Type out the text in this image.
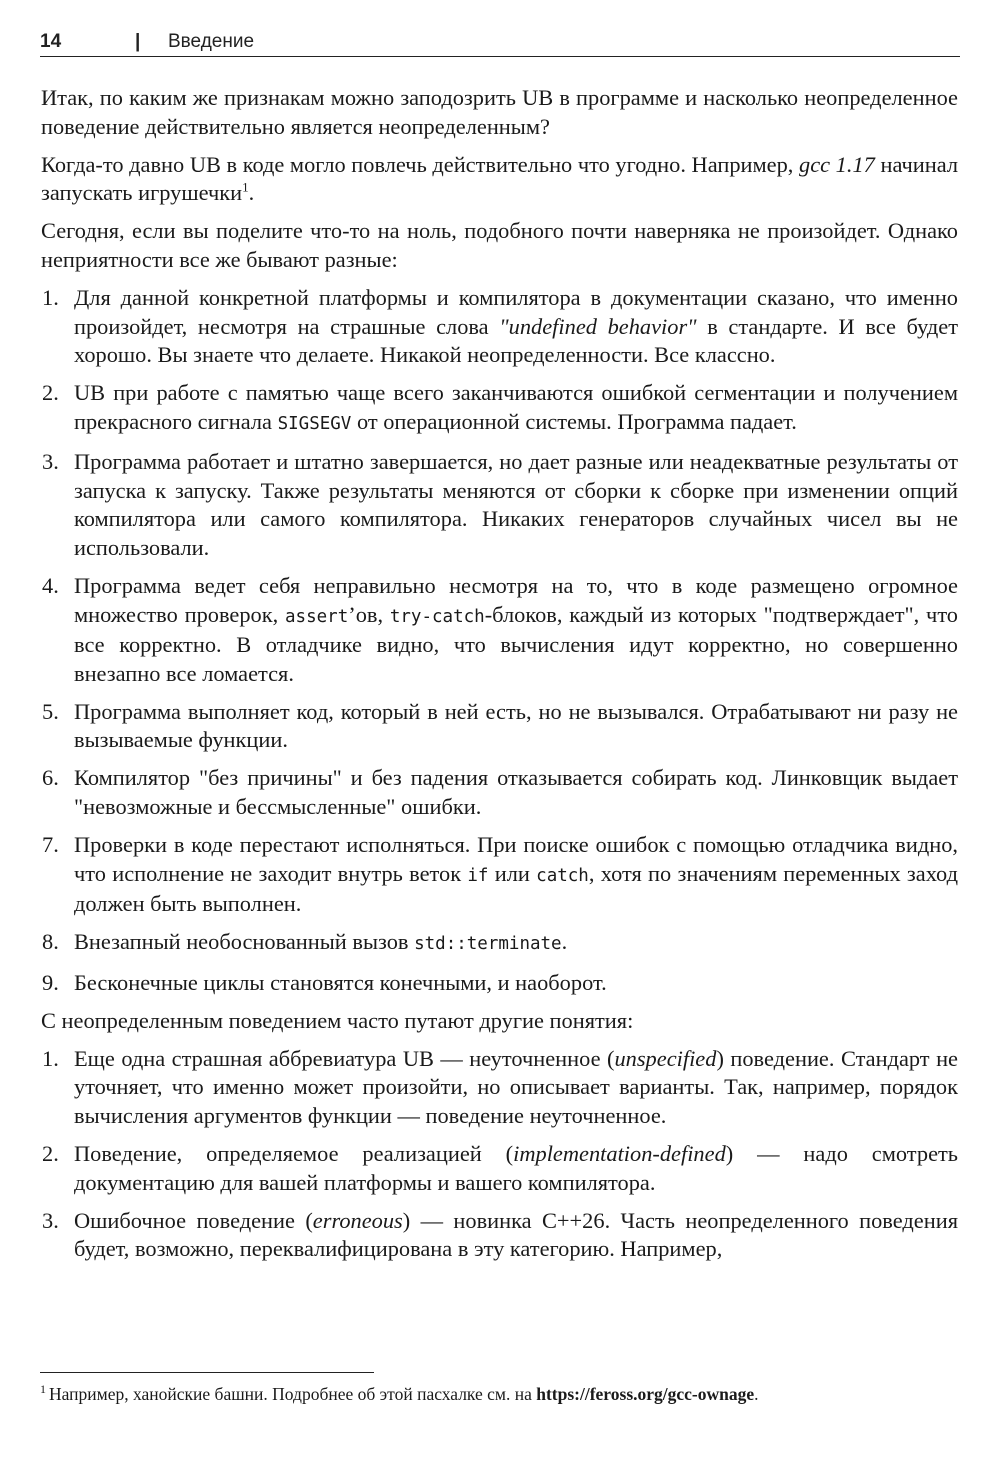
14	| Введение

Итак, по каким же признакам можно заподозрить UB в программе и насколько неопределенное поведение действительно является неопределенным?

Когда-то давно UB в коде могло повлечь действительно что угодно. Например, gcc 1.17 начинал запускать игрушечки$^1$.

Сегодня, если вы поделите что-то на ноль, подобного почти наверняка не произойдет. Однако неприятности все же бывают разные:

1. Для данной конкретной платформы и компилятора в документации сказано, что именно произойдет, несмотря на страшные слова "undefined behavior" в стандарте. И все будет хорошо. Вы знаете что делаете. Никакой неопределенности. Все классно.
2. UB при работе с памятью чаще всего заканчиваются ошибкой сегментации и получением прекрасного сигнала SIGSEGV от операционной системы. Программа падает.
3. Программа работает и штатно завершается, но дает разные или неадекватные результаты от запуска к запуску. Также результаты меняются от сборки к сборке при изменении опций компилятора или самого компилятора. Никаких генераторов случайных чисел вы не использовали.
4. Программа ведет себя неправильно несмотря на то, что в коде размещено огромное множество проверок, assert’ов, try-catch-блоков, каждый из которых "подтверждает", что все корректно. В отладчике видно, что вычисления идут корректно, но совершенно внезапно все ломается.
5. Программа выполняет код, который в ней есть, но не вызывался. Отрабатывают ни разу не вызываемые функции.
6. Компилятор "без причины" и без падения отказывается собирать код. Линковщик выдает "невозможные и бессмысленные" ошибки.
7. Проверки в коде перестают исполняться. При поиске ошибок с помощью отладчика видно, что исполнение не заходит внутрь веток if или catch, хотя по значениям переменных заход должен быть выполнен.
8. Внезапный необоснованный вызов std::terminate.
9. Бесконечные циклы становятся конечными, и наоборот.

С неопределенным поведением часто путают другие понятия:

1. Еще одна страшная аббревиатура UB — неуточненное (unspecified) поведение. Стандарт не уточняет, что именно может произойти, но описывает варианты. Так, например, порядок вычисления аргументов функции — поведение неуточненное.
2. Поведение, определяемое реализацией (implementation-defined) — надо смотреть документацию для вашей платформы и вашего компилятора.
3. Ошибочное поведение (erroneous) — новинка C++26. Часть неопределенного поведения будет, возможно, переквалифицирована в эту категорию. Например,
$^1$ Например, ханойские башни. Подробнее об этой пасхалке см. на https://feross.org/gcc-ownage.
